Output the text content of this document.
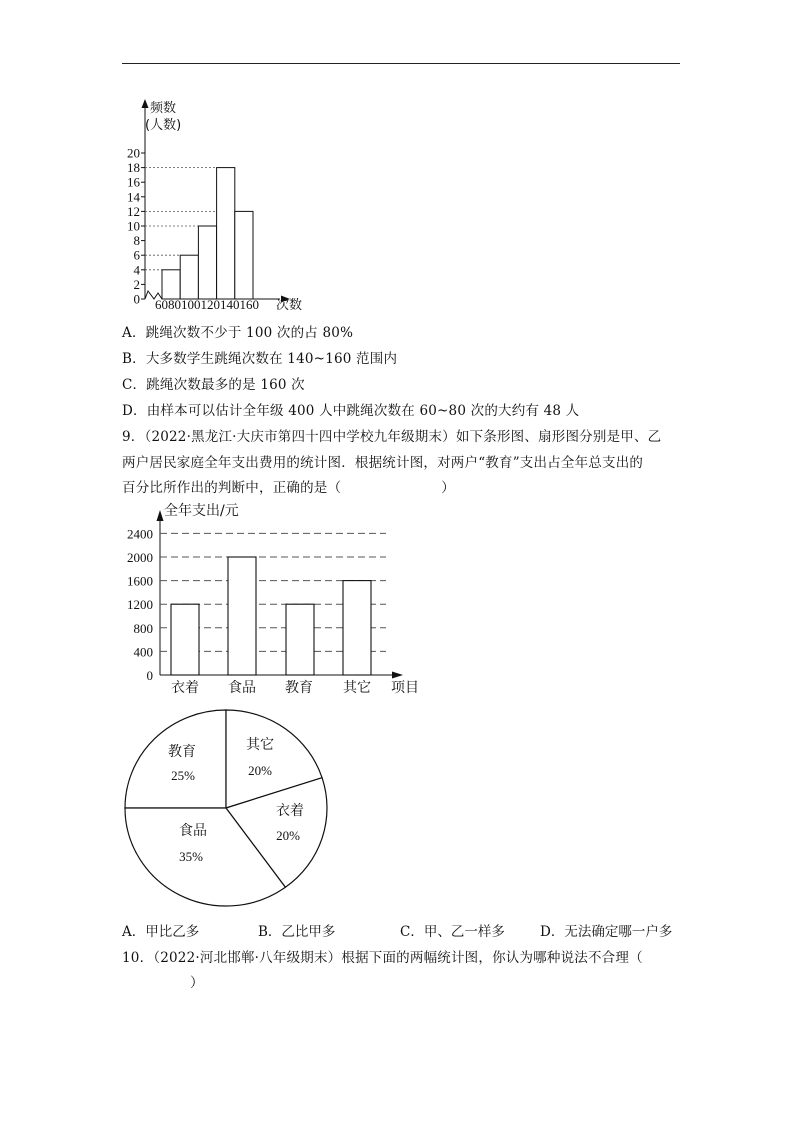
0
2
4
6
8
10
12
14
16
18
20
频数
(人数)
6080100120140160 次数
A．跳绳次数不少于 100 次的占 80%
B．大多数学生跳绳次数在 140~160 范围内
C．跳绳次数最多的是 160 次
D．由样本可以估计全年级 400 人中跳绳次数在 60~80 次的大约有 48 人
9．（2022·黑龙江·大庆市第四十四中学校九年级期末）如下条形图、扇形图分别是甲、乙
两户居民家庭全年支出费用的统计图．根据统计图，对两户“教育”支出占全年总支出的
百分比所作出的判断中，正确的是（	）
0
400
800
1200
1600
2000
2400
衣着 食品 教育 其它
全年支出/元
项目
教育
25%
其它
20%
衣着
20%
食品
35%
A．甲比乙多	B．乙比甲多	C．甲、乙一样多	D．无法确定哪一户多
10．（2022·河北邯郸·八年级期末）根据下面的两幅统计图，你认为哪种说法不合理（
）
